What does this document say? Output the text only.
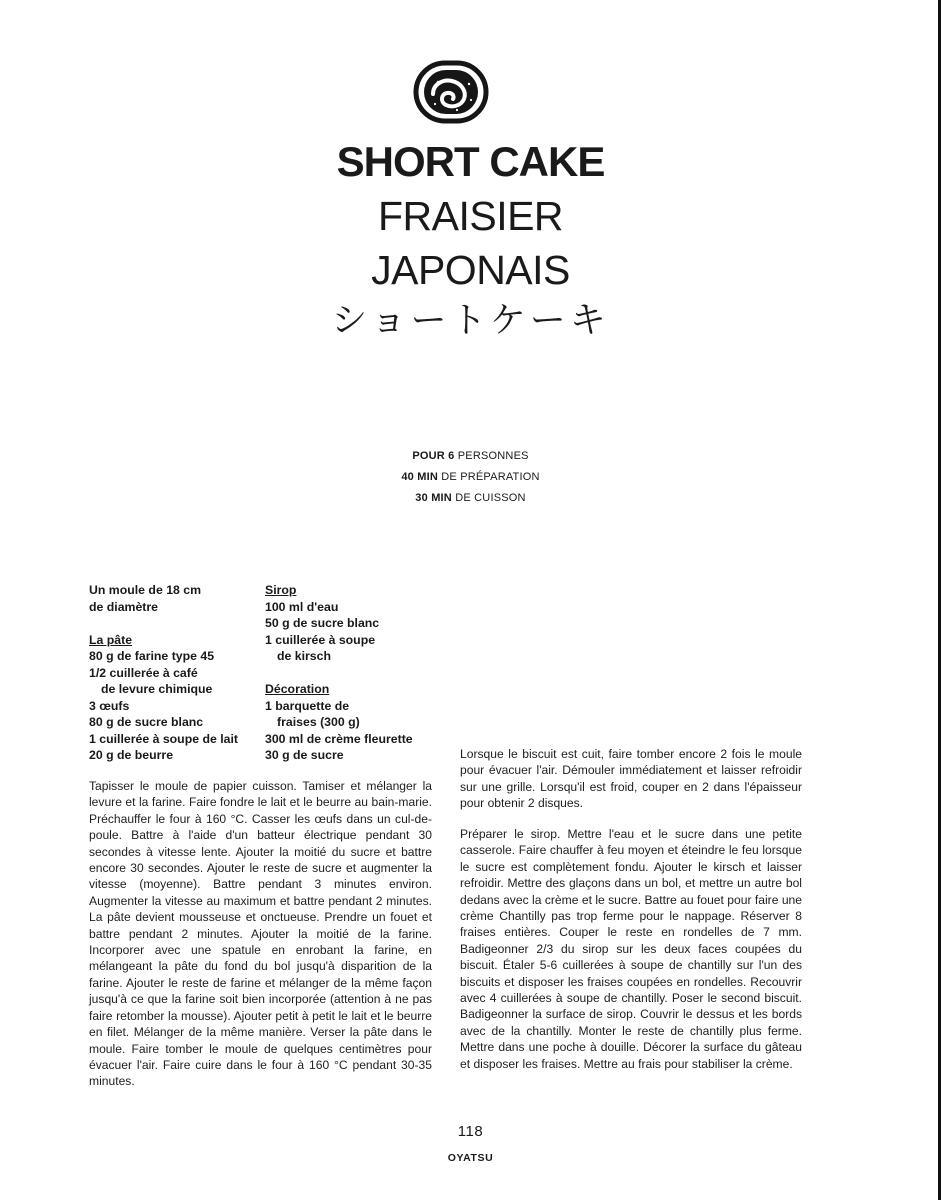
SHORT CAKE
FRAISIER
JAPONAIS
ショートケーキ
POUR 6 PERSONNES
40 MIN DE PRÉPARATION
30 MIN DE CUISSON
Un moule de 18 cm
de diamètre
La pâte
80 g de farine type 45
1/2 cuillerée à café
de levure chimique
3 œufs
80 g de sucre blanc
1 cuillerée à soupe de lait
20 g de beurre
Sirop
100 ml d'eau
50 g de sucre blanc
1 cuillerée à soupe
de kirsch
Décoration
1 barquette de
fraises (300 g)
300 ml de crème fleurette
30 g de sucre

Tapisser le moule de papier cuisson. Tamiser et mélanger la levure et la farine. Faire fondre le lait et le beurre au bain-marie. Préchauffer le four à 160 °C. Casser les œufs dans un cul-de-poule. Battre à l'aide d'un batteur électrique pendant 30 secondes à vitesse lente. Ajouter la moitié du sucre et battre encore 30 secondes. Ajouter le reste de sucre et augmenter la vitesse (moyenne). Battre pendant 3 minutes environ. Augmenter la vitesse au maximum et battre pendant 2 minutes. La pâte devient mousseuse et onctueuse. Prendre un fouet et battre pendant 2 minutes. Ajouter la moitié de la farine. Incorporer avec une spatule en enrobant la farine, en mélangeant la pâte du fond du bol jusqu'à disparition de la farine. Ajouter le reste de farine et mélanger de la même façon jusqu'à ce que la farine soit bien incorporée (attention à ne pas faire retomber la mousse). Ajouter petit à petit le lait et le beurre en filet. Mélanger de la même manière. Verser la pâte dans le moule. Faire tomber le moule de quelques centimètres pour évacuer l'air. Faire cuire dans le four à 160 °C pendant 30-35 minutes.

Lorsque le biscuit est cuit, faire tomber encore 2 fois le moule pour évacuer l'air. Démouler immédiatement et laisser refroidir sur une grille. Lorsqu'il est froid, couper en 2 dans l'épaisseur pour obtenir 2 disques.

Préparer le sirop. Mettre l'eau et le sucre dans une petite casserole. Faire chauffer à feu moyen et éteindre le feu lorsque le sucre est complètement fondu. Ajouter le kirsch et laisser refroidir. Mettre des glaçons dans un bol, et mettre un autre bol dedans avec la crème et le sucre. Battre au fouet pour faire une crème Chantilly pas trop ferme pour le nappage. Réserver 8 fraises entières. Couper le reste en rondelles de 7 mm. Badigeonner 2/3 du sirop sur les deux faces coupées du biscuit. Étaler 5-6 cuillerées à soupe de chantilly sur l'un des biscuits et disposer les fraises coupées en rondelles. Recouvrir avec 4 cuillerées à soupe de chantilly. Poser le second biscuit. Badigeonner la surface de sirop. Couvrir le dessus et les bords avec de la chantilly. Monter le reste de chantilly plus ferme. Mettre dans une poche à douille. Décorer la surface du gâteau et disposer les fraises. Mettre au frais pour stabiliser la crème.

118
OYATSU
